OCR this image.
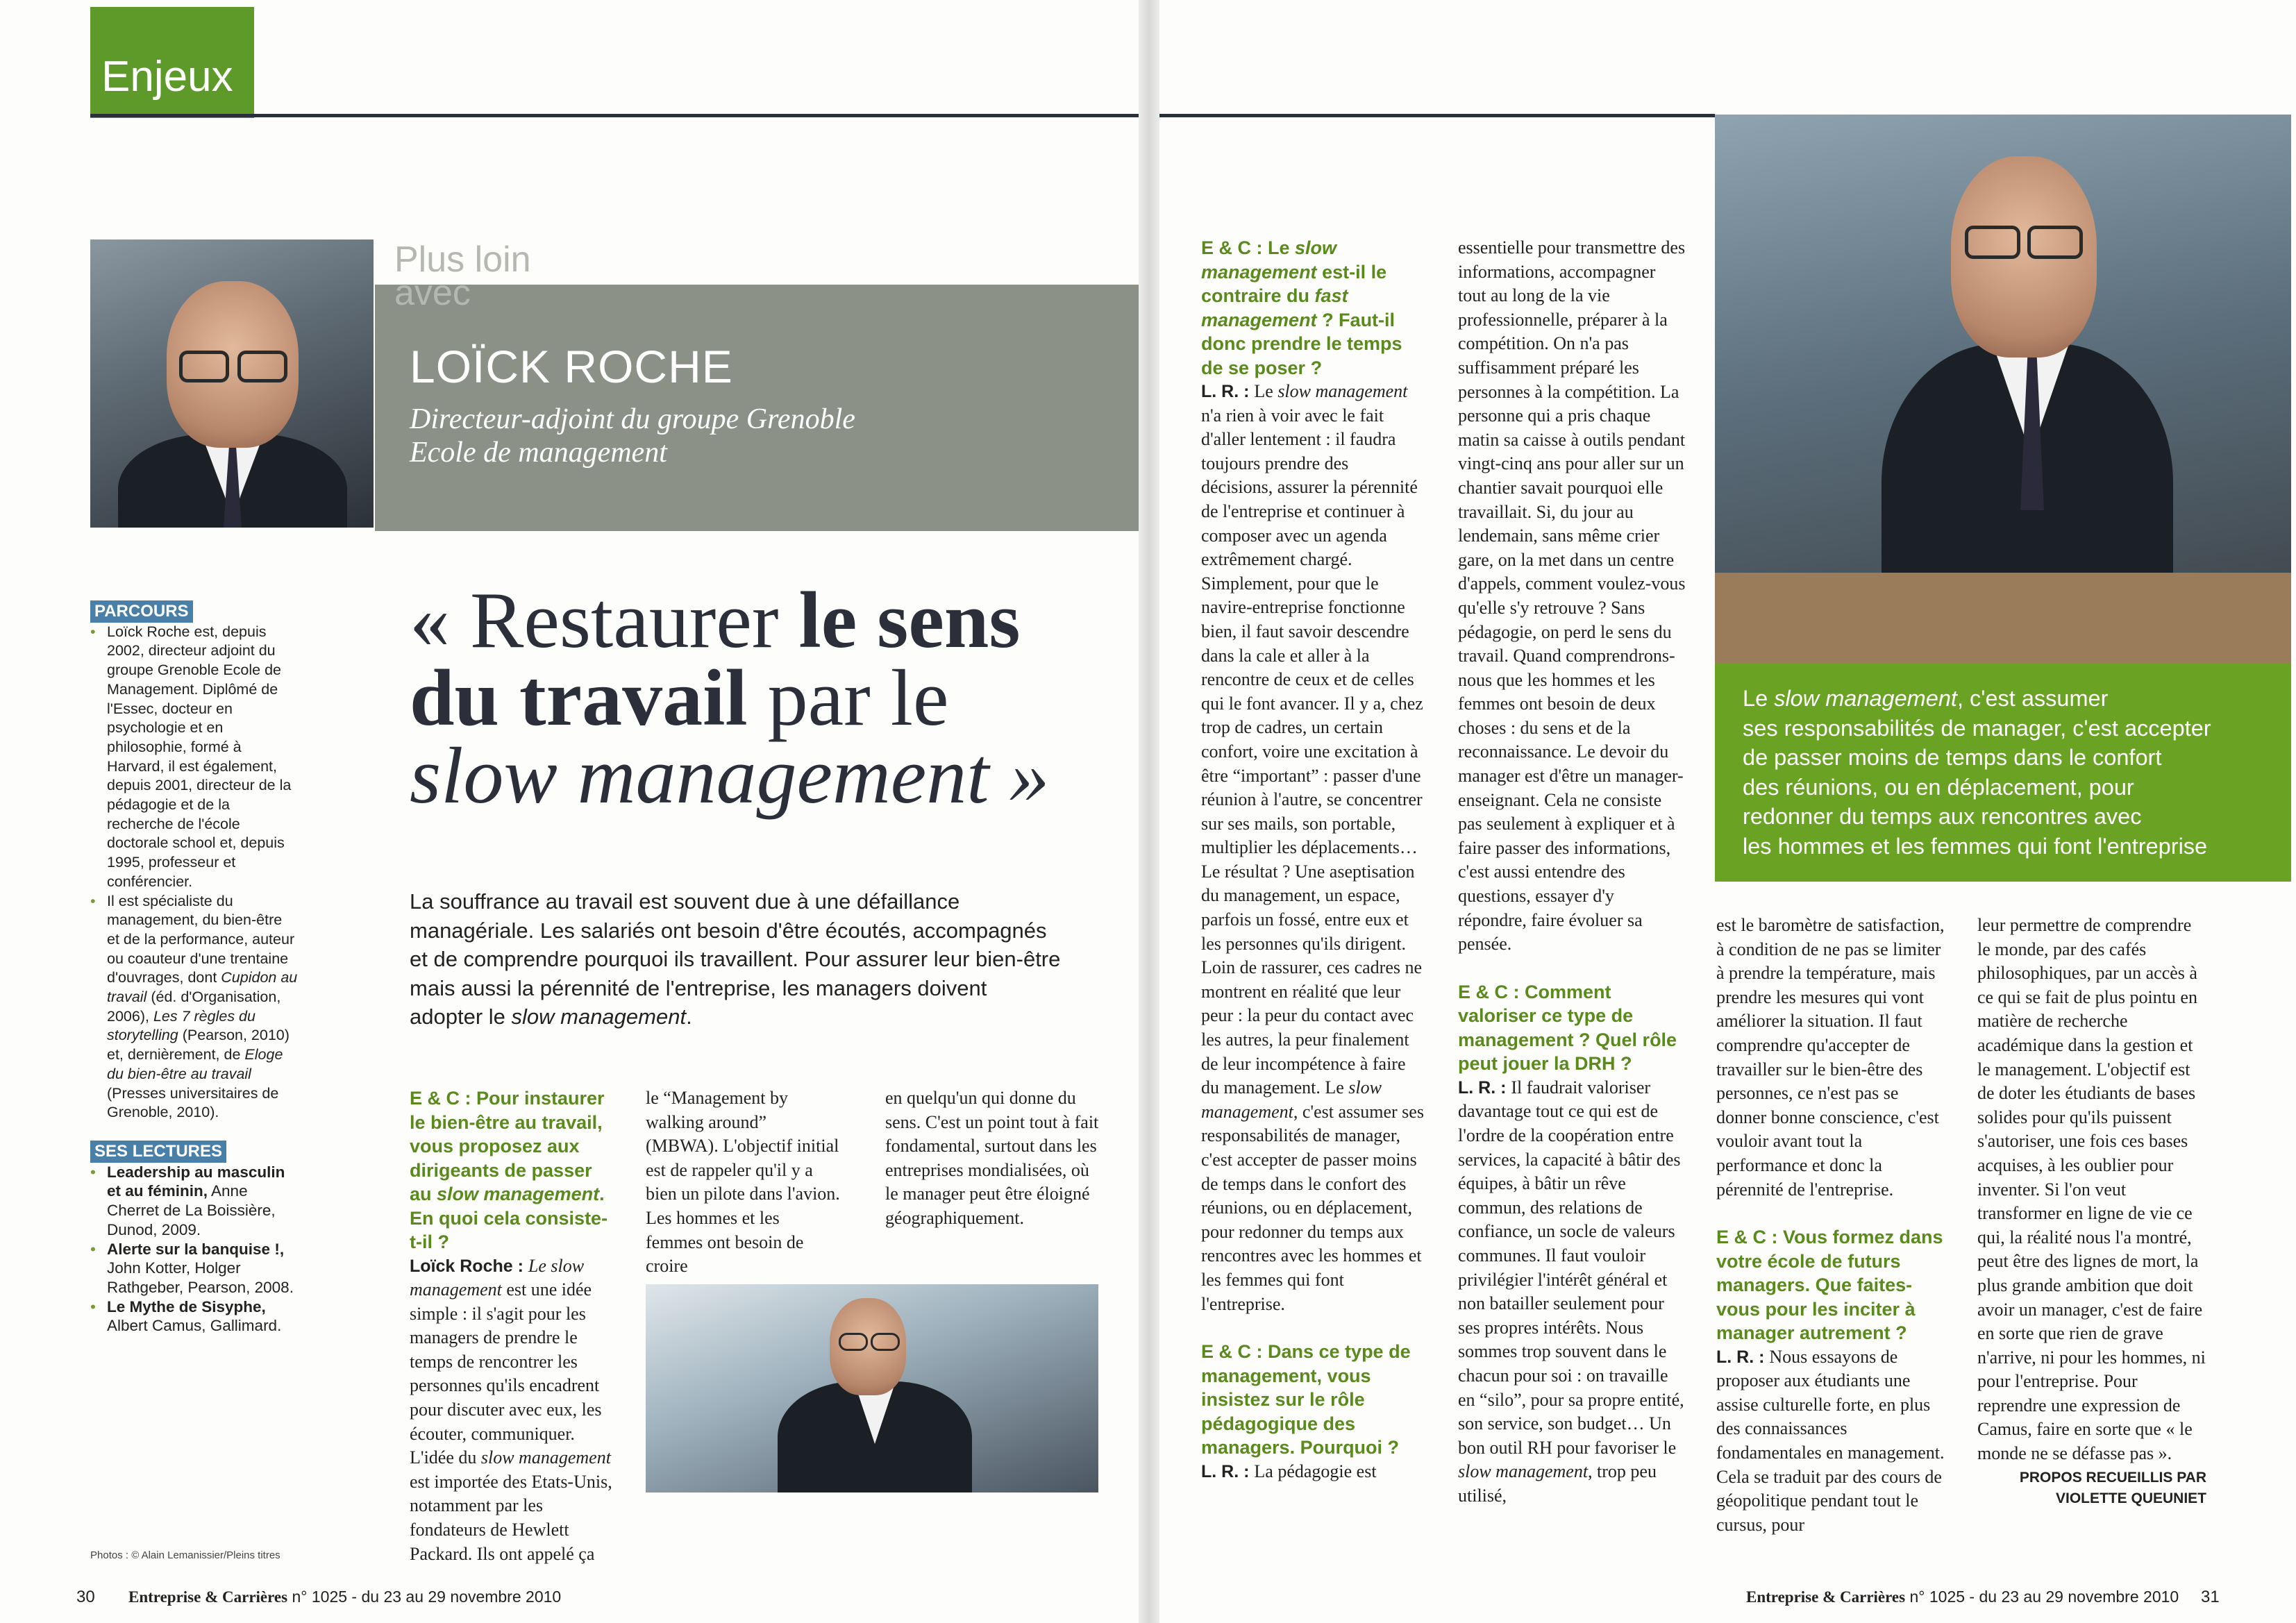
Enjeux
Plus loin avec
LOÏCK ROCHE
Directeur-adjoint du groupe Grenoble
Ecole de management
PARCOURS

• Loïck Roche est, depuis 2002, directeur adjoint du groupe Grenoble Ecole de Management. Diplômé de l'Essec, docteur en psychologie et en philosophie, formé à Harvard, il est également, depuis 2001, directeur de la pédagogie et de la recherche de l'école doctorale school et, depuis 1995, professeur et conférencier.

• Il est spécialiste du management, du bien-être et de la performance, auteur ou coauteur d'une trentaine d'ouvrages, dont Cupidon au travail (éd. d'Organisation, 2006), Les 7 règles du storytelling (Pearson, 2010) et, dernièrement, de Eloge du bien-être au travail (Presses universitaires de Grenoble, 2010).

SES LECTURES

• Leadership au masculin et au féminin, Anne Cherret de La Boissière, Dunod, 2009.

• Alerte sur la banquise !, John Kotter, Holger Rathgeber, Pearson, 2008.

• Le Mythe de Sisyphe, Albert Camus, Gallimard.

« Restaurer le sens
du travail par le
slow management »
La souffrance au travail est souvent due à une défaillance
managériale. Les salariés ont besoin d'être écoutés, accompagnés
et de comprendre pourquoi ils travaillent. Pour assurer leur bien-être
mais aussi la pérennité de l'entreprise, les managers doivent
adopter le slow management.

E & C : Pour instaurer le bien-être au travail, vous proposez aux dirigeants de passer au slow management. En quoi cela consiste-t-il ?

Loïck Roche : Le slow management est une idée simple : il s'agit pour les managers de prendre le temps de rencontrer les personnes qu'ils encadrent pour discuter avec eux, les écouter, communiquer. L'idée du slow management est importée des Etats-Unis, notamment par les fondateurs de Hewlett Packard. Ils ont appelé ça

le “Management by walking around” (MBWA). L'objectif initial est de rappeler qu'il y a bien un pilote dans l'avion. Les hommes et les femmes ont besoin de croire

en quelqu'un qui donne du sens. C'est un point tout à fait fondamental, surtout dans les entreprises mondialisées, où le manager peut être éloigné géographiquement.

Photos : © Alain Lemanissier/Pleins titres
30 Entreprise & Carrières n° 1025 - du 23 au 29 novembre 2010
Le slow management, c'est assumer
ses responsabilités de manager, c'est accepter
de passer moins de temps dans le confort
des réunions, ou en déplacement, pour
redonner du temps aux rencontres avec
les hommes et les femmes qui font l'entreprise

E & C : Le slow management est-il le contraire du fast management ? Faut-il donc prendre le temps de se poser ?

L. R. : Le slow management n'a rien à voir avec le fait d'aller lentement : il faudra toujours prendre des décisions, assurer la pérennité de l'entreprise et continuer à composer avec un agenda extrêmement chargé. Simplement, pour que le navire-entreprise fonctionne bien, il faut savoir descendre dans la cale et aller à la rencontre de ceux et de celles qui le font avancer. Il y a, chez trop de cadres, un certain confort, voire une excitation à être “important” : passer d'une réunion à l'autre, se concentrer sur ses mails, son portable, multiplier les déplacements… Le résultat ? Une aseptisation du management, un espace, parfois un fossé, entre eux et les personnes qu'ils dirigent. Loin de rassurer, ces cadres ne montrent en réalité que leur peur : la peur du contact avec les autres, la peur finalement de leur incompétence à faire du management. Le slow management, c'est assumer ses responsabilités de manager, c'est accepter de passer moins de temps dans le confort des réunions, ou en déplacement, pour redonner du temps aux rencontres avec les hommes et les femmes qui font l'entreprise.

E & C : Dans ce type de management, vous insistez sur le rôle pédagogique des managers. Pourquoi ?

L. R. : La pédagogie est

essentielle pour transmettre des informations, accompagner tout au long de la vie professionnelle, préparer à la compétition. On n'a pas suffisamment préparé les personnes à la compétition. La personne qui a pris chaque matin sa caisse à outils pendant vingt-cinq ans pour aller sur un chantier savait pourquoi elle travaillait. Si, du jour au lendemain, sans même crier gare, on la met dans un centre d'appels, comment voulez-vous qu'elle s'y retrouve ? Sans pédagogie, on perd le sens du travail. Quand comprendrons-nous que les hommes et les femmes ont besoin de deux choses : du sens et de la reconnaissance. Le devoir du manager est d'être un manager-enseignant. Cela ne consiste pas seulement à expliquer et à faire passer des informations, c'est aussi entendre des questions, essayer d'y répondre, faire évoluer sa pensée.

E & C : Comment valoriser ce type de management ? Quel rôle peut jouer la DRH ?

L. R. : Il faudrait valoriser davantage tout ce qui est de l'ordre de la coopération entre services, la capacité à bâtir des équipes, à bâtir un rêve commun, des relations de confiance, un socle de valeurs communes. Il faut vouloir privilégier l'intérêt général et non batailler seulement pour ses propres intérêts. Nous sommes trop souvent dans le chacun pour soi : on travaille en “silo”, pour sa propre entité, son service, son budget… Un bon outil RH pour favoriser le slow management, trop peu utilisé,

est le baromètre de satisfaction, à condition de ne pas se limiter à prendre la température, mais prendre les mesures qui vont améliorer la situation. Il faut comprendre qu'accepter de travailler sur le bien-être des personnes, ce n'est pas se donner bonne conscience, c'est vouloir avant tout la performance et donc la pérennité de l'entreprise.

E & C : Vous formez dans votre école de futurs managers. Que faites-vous pour les inciter à manager autrement ?

L. R. : Nous essayons de proposer aux étudiants une assise culturelle forte, en plus des connaissances fondamentales en management. Cela se traduit par des cours de géopolitique pendant tout le cursus, pour

leur permettre de comprendre le monde, par des cafés philosophiques, par un accès à ce qui se fait de plus pointu en matière de recherche académique dans la gestion et le management. L'objectif est de doter les étudiants de bases solides pour qu'ils puissent s'autoriser, une fois ces bases acquises, à les oublier pour inventer. Si l'on veut transformer en ligne de vie ce qui, la réalité nous l'a montré, peut être des lignes de mort, la plus grande ambition que doit avoir un manager, c'est de faire en sorte que rien de grave n'arrive, ni pour les hommes, ni pour l'entreprise. Pour reprendre une expression de Camus, faire en sorte que « le monde ne se défasse pas ».

PROPOS RECUEILLIS PAR
VIOLETTE QUEUNIET
Entreprise & Carrières n° 1025 - du 23 au 29 novembre 2010 31
